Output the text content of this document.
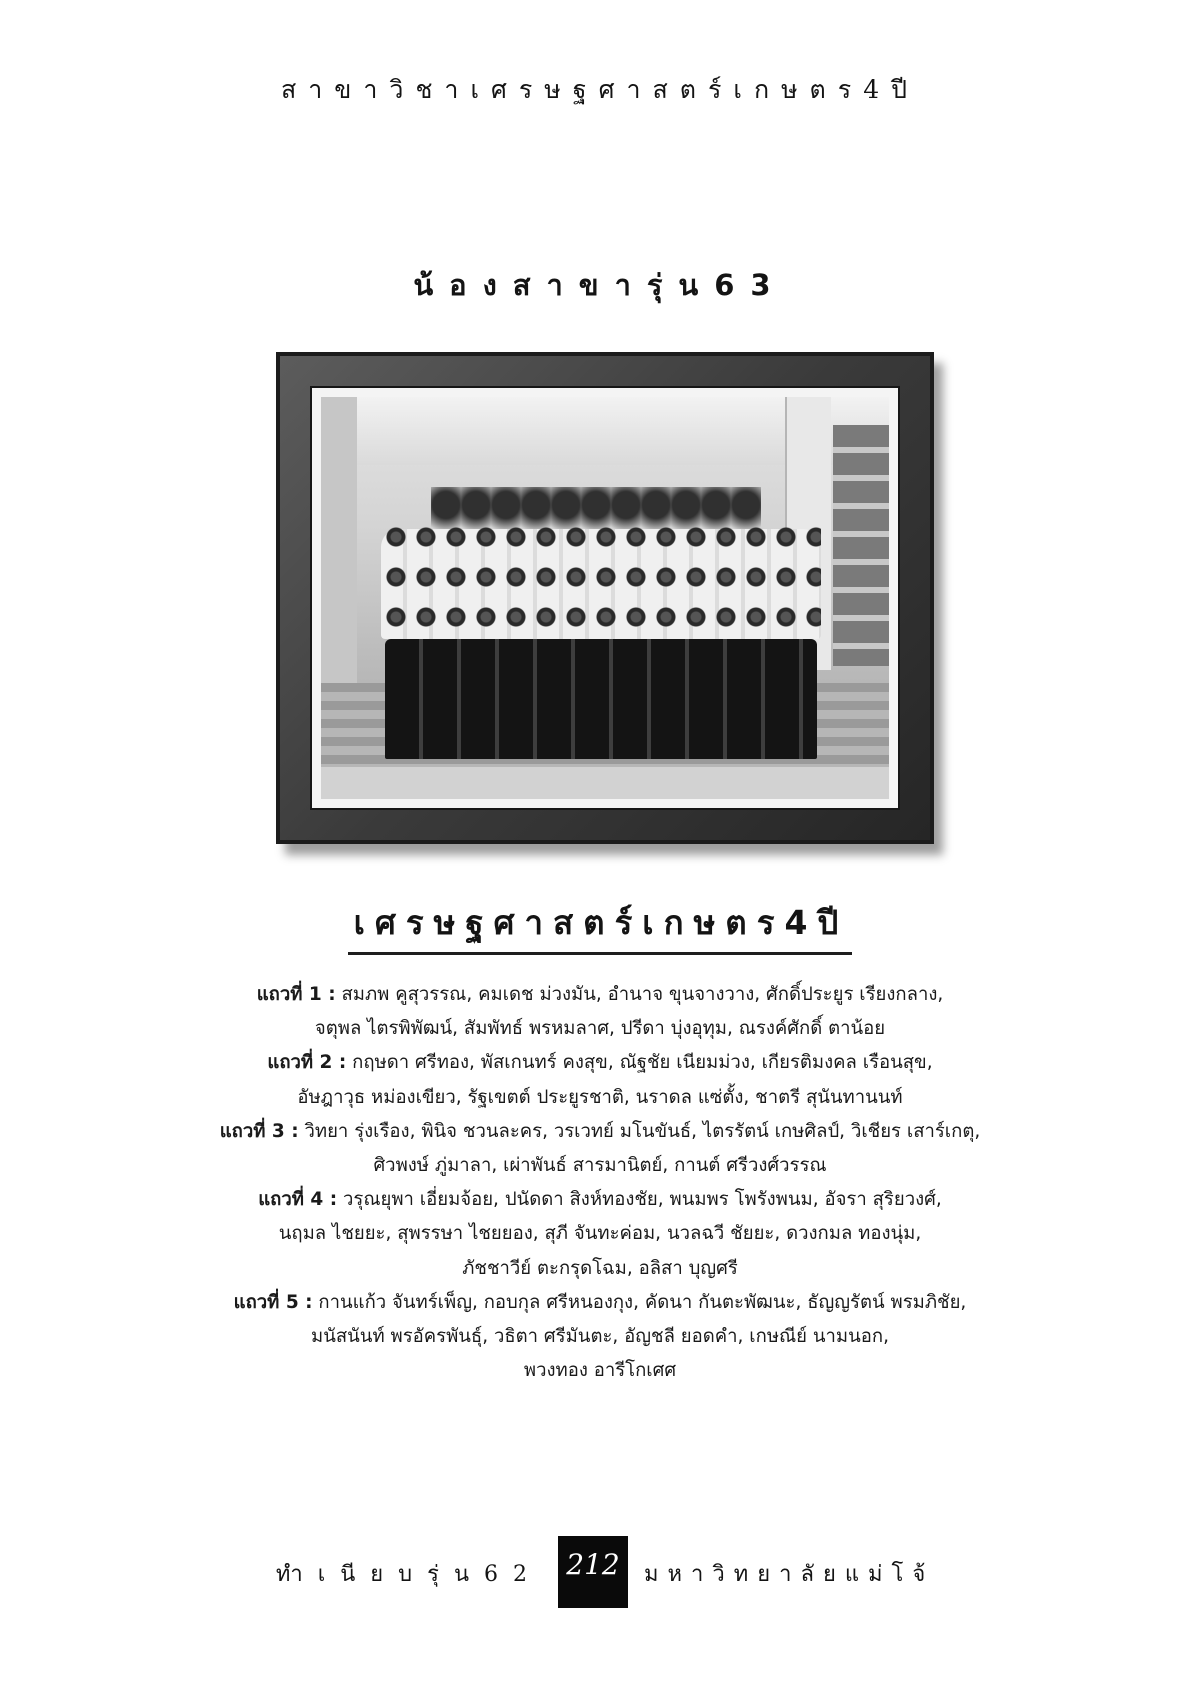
สาขาวิชาเศรษฐศาสตร์เกษตร4ปี
น้องสาขารุ่น63
เศรษฐศาสตร์เกษตร4ปี
แถวที่ 1 : สมภพ คูสุวรรณ, คมเดช ม่วงมัน, อำนาจ ขุนจางวาง, ศักดิ์ประยูร เรียงกลาง,
จตุพล ไตรพิพัฒน์, สัมพัทธ์ พรหมลาศ, ปรีดา บุ่งอุทุม, ณรงค์ศักดิ์ ตาน้อย
แถวที่ 2 : กฤษดา ศรีทอง, พัสเกนทร์ คงสุข, ณัฐชัย เนียมม่วง, เกียรติมงคล เรือนสุข,
อัษฎาวุธ หม่องเขียว, รัฐเขตต์ ประยูรชาติ, นราดล แซ่ตั้ง, ชาตรี สุนันทานนท์
แถวที่ 3 : วิทยา รุ่งเรือง, พินิจ ชวนละคร, วรเวทย์ มโนขันธ์, ไตรรัตน์ เกษศิลป์, วิเชียร เสาร์เกตุ,
ศิวพงษ์ ภู่มาลา, เผ่าพันธ์ สารมานิตย์, กานต์ ศรีวงศ์วรรณ
แถวที่ 4 : วรุณยุพา เอี่ยมจ้อย, ปนัดดา สิงห์ทองชัย, พนมพร โพรังพนม, อัจรา สุริยวงศ์,
นฤมล ไชยยะ, สุพรรษา ไชยยอง, สุภี จันทะค่อม, นวลฉวี ชัยยะ, ดวงกมล ทองนุ่ม,
ภัชชาวีย์ ตะกรุดโฉม, อลิสา บุญศรี
แถวที่ 5 : กานแก้ว จันทร์เพ็ญ, กอบกุล ศรีหนองกุง, คัดนา กันตะพัฒนะ, ธัญญรัตน์ พรมภิชัย,
มนัสนันท์ พรอัครพันธุ์, วธิตา ศรีมันตะ, อัญชลี ยอดคำ, เกษณีย์ นามนอก,
พวงทอง อารีโกเศศ
ทำเนียบรุ่น62 212	มหาวิทยาลัยแม่โจ้
